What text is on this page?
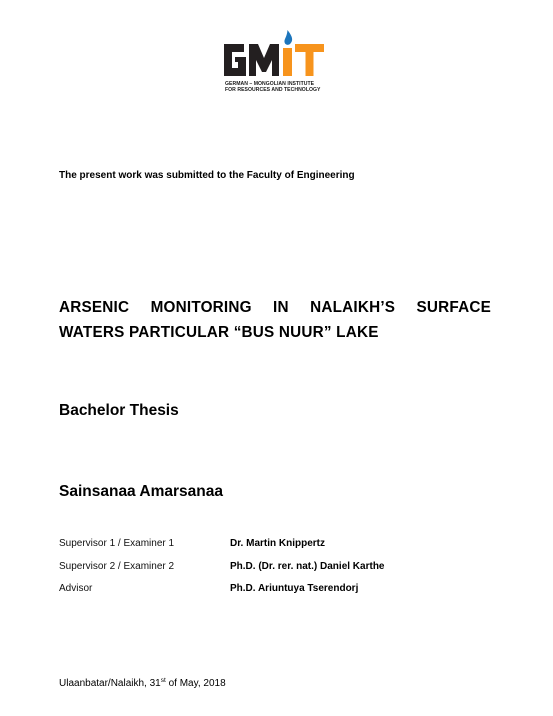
GERMAN – MONGOLIAN INSTITUTE
FOR RESOURCES AND TECHNOLOGY
The present work was submitted to the Faculty of Engineering
ARSENIC MONITORING IN NALAIKH’S SURFACE
WATERS PARTICULAR “BUS NUUR” LAKE
Bachelor Thesis
Sainsanaa Amarsanaa
Supervisor 1 / Examiner 1	Dr. Martin Knippertz
Supervisor 2 / Examiner 2	Ph.D. (Dr. rer. nat.) Daniel Karthe
Advisor	Ph.D. Ariuntuya Tserendorj
Ulaanbatar/Nalaikh, 31st of May, 2018
